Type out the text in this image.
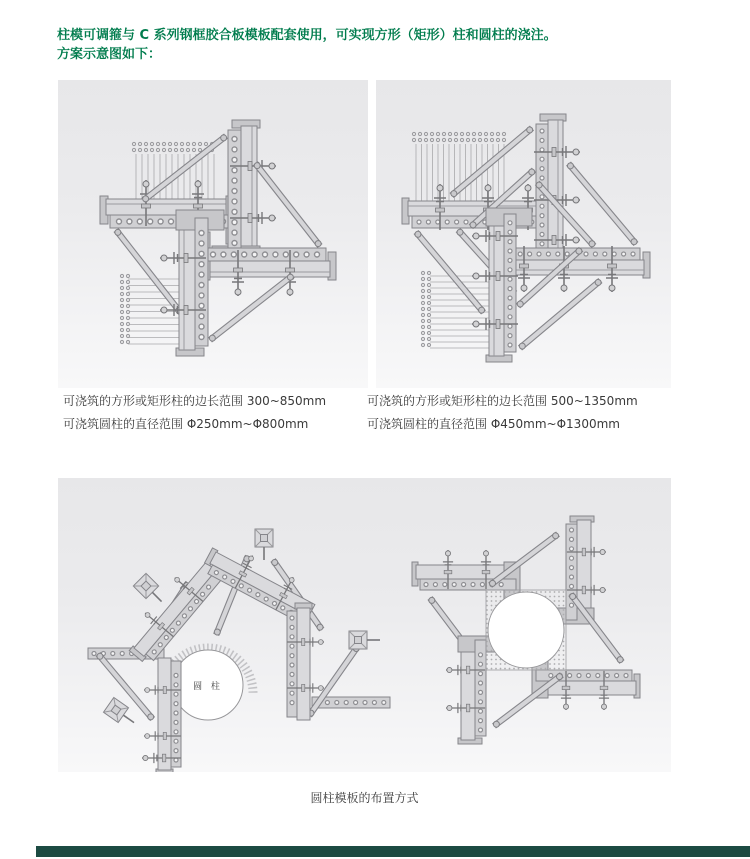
柱模可调箍与 C 系列钢框胶合板模板配套使用，可实现方形（矩形）柱和圆柱的浇注。
方案示意图如下：
可浇筑的方形或矩形柱的边长范围 300~850mm
可浇筑圆柱的直径范围 Φ250mm~Φ800mm
可浇筑的方形或矩形柱的边长范围 500~1350mm
可浇筑圆柱的直径范围 Φ450mm~Φ1300mm
圆 柱
圆柱模板的布置方式
